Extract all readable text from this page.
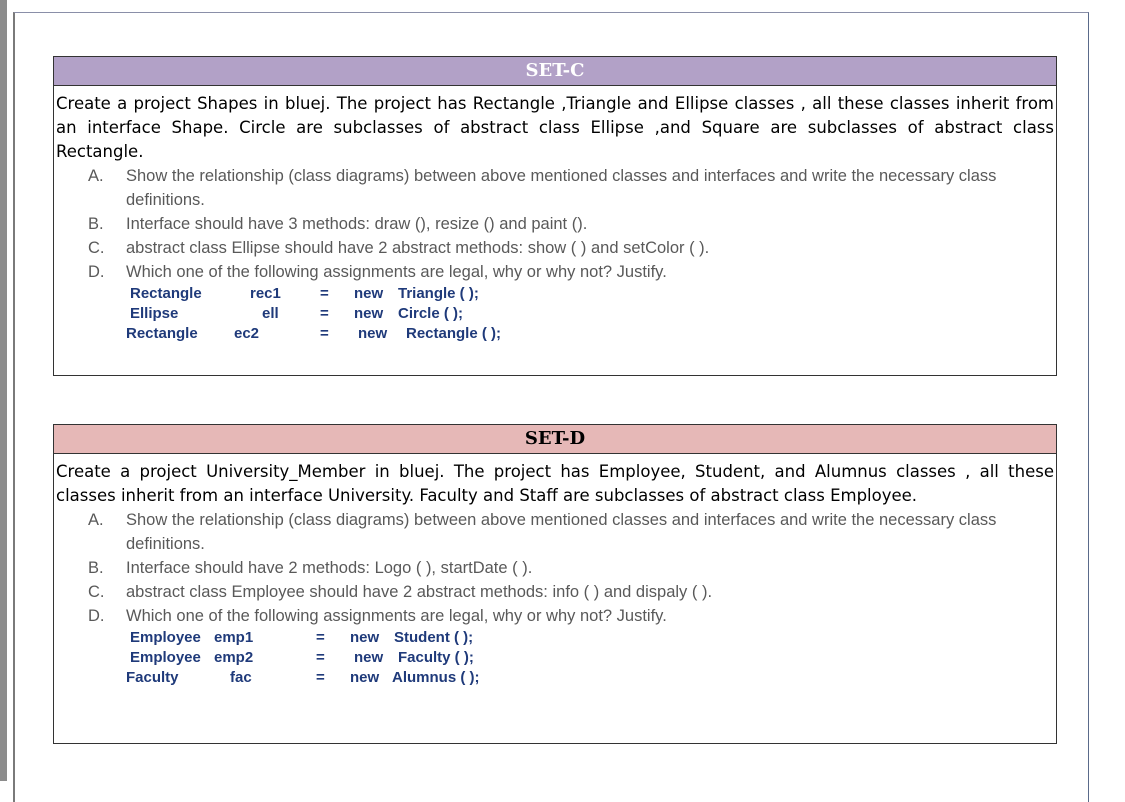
SET-C

Create a project Shapes in bluej. The project has Rectangle ,Triangle and Ellipse classes , all these classes inherit from an interface Shape. Circle are subclasses of abstract class Ellipse ,and Square are subclasses of abstract class Rectangle.

A. Show the relationship (class diagrams) between above mentioned classes and interfaces and write the necessary class definitions.
B. Interface should have 3 methods: draw (), resize () and paint ().
C. abstract class Ellipse should have 2 abstract methods: show ( ) and setColor ( ).
D. Which one of the following assignments are legal, why or why not? Justify.
Rectangle	rec1	= new Triangle ( );
Ellipse	ell	= new Circle ( );
Rectangle ec2	= new Rectangle ( );
SET-D

Create a project University_Member in bluej. The project has Employee, Student, and Alumnus classes , all these classes inherit from an interface University. Faculty and Staff are subclasses of abstract class Employee.

A. Show the relationship (class diagrams) between above mentioned classes and interfaces and write the necessary class definitions.
B. Interface should have 2 methods: Logo ( ), startDate ( ).
C. abstract class Employee should have 2 abstract methods: info ( ) and dispaly ( ).
D. Which one of the following assignments are legal, why or why not? Justify.
Employee emp1	= new Student ( );
Employee emp2	= new Faculty ( );
Faculty	fac	= new Alumnus ( );
